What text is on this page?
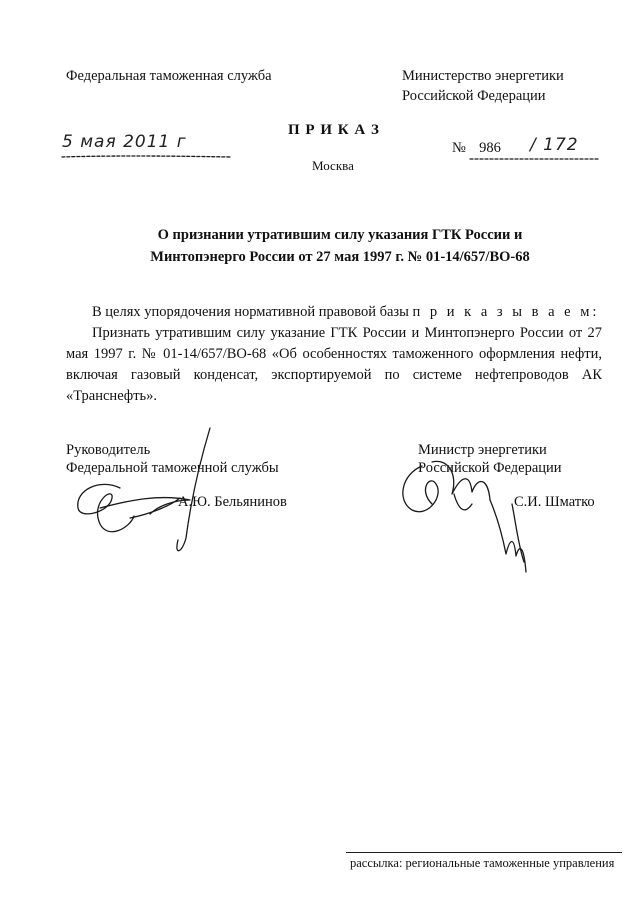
Федеральная таможенная служба	Министерство энергетики
Российской Федерации
П Р И К А З
5 мая 2011 г	№ 986 / 172
Москва
О признании утратившим силу указания ГТК России и
Минтопэнерго России от 27 мая 1997 г. № 01-14/657/ВО-68

В целях упорядочения нормативной правовой базы п р и к а з ы в а е м:

Признать утратившим силу указание ГТК России и Минтопэнерго России от 27 мая 1997 г. № 01-14/657/ВО-68 «Об особенностях таможенного оформления нефти, включая газовый конденсат, экспортируемой по системе нефтепроводов АК «Транснефть».

Руководитель
Федеральной таможенной службы
А.Ю. Бельянинов
Министр энергетики
Российской Федерации
С.И. Шматко
рассылка: региональные таможенные управления
